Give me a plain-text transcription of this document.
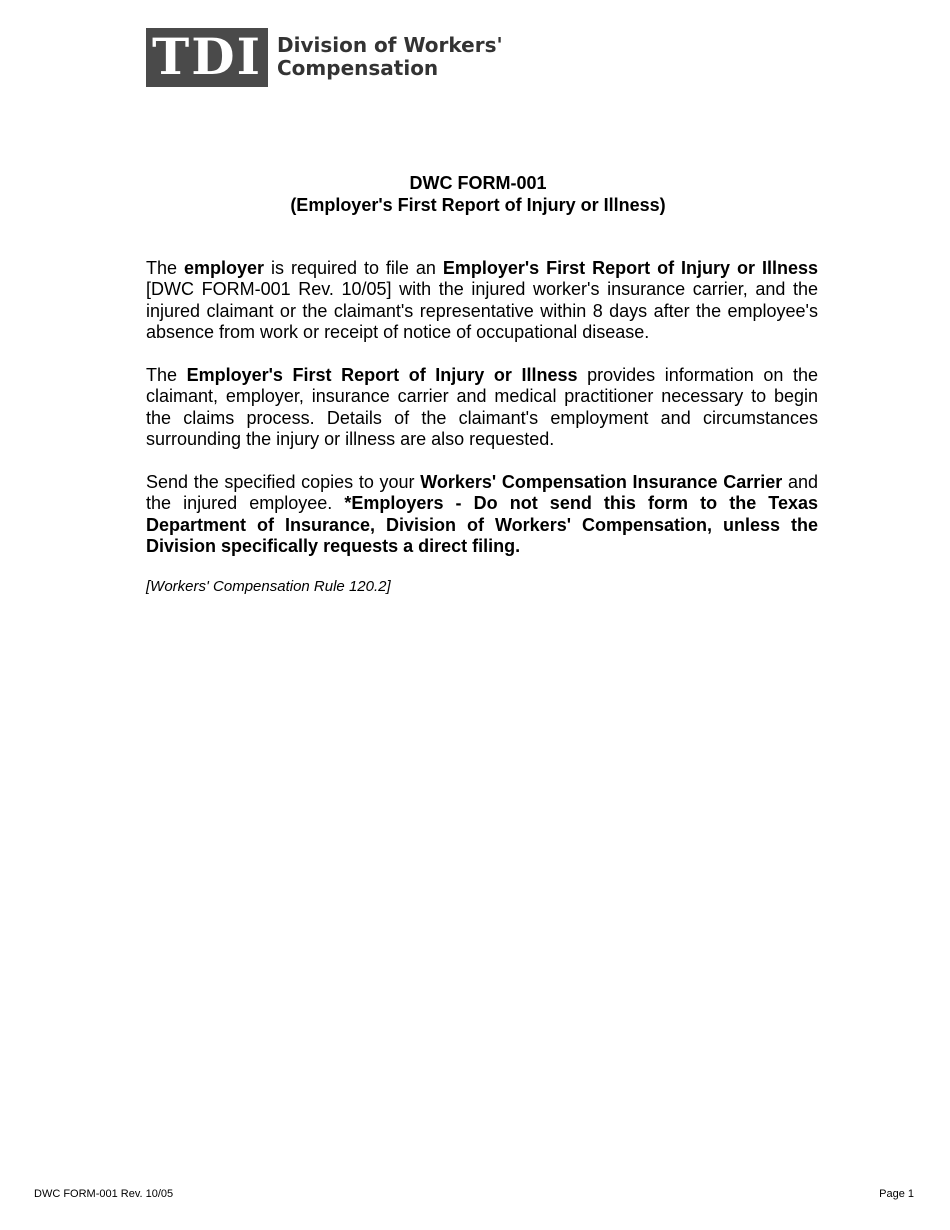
TDI Division of Workers'
Compensation
DWC FORM-001
(Employer's First Report of Injury or Illness)

The employer is required to file an Employer's First Report of Injury or Illness [DWC FORM-001 Rev. 10/05] with the injured worker's insurance carrier, and the injured claimant or the claimant's representative within 8 days after the employee's absence from work or receipt of notice of occupational disease.

The Employer's First Report of Injury or Illness provides information on the claimant, employer, insurance carrier and medical practitioner necessary to begin the claims process. Details of the claimant's employment and circumstances surrounding the injury or illness are also requested.

Send the specified copies to your Workers' Compensation Insurance Carrier and the injured employee. *Employers - Do not send this form to the Texas Department of Insurance, Division of Workers' Compensation, unless the Division specifically requests a direct filing.

[Workers' Compensation Rule 120.2]
DWC FORM-001 Rev. 10/05	Page 1
